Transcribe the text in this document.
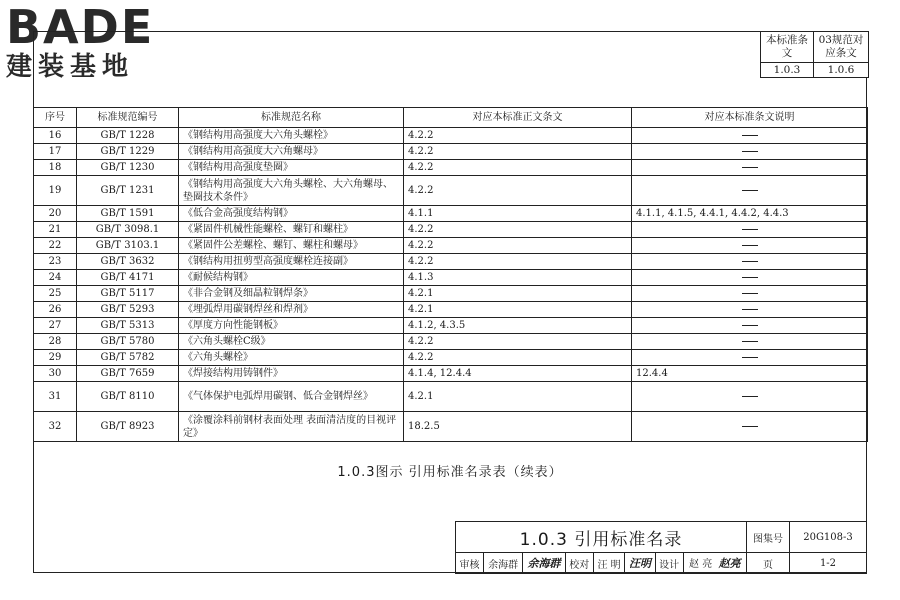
BADE
建装基地
本标准条文	03规范对应条文
1.0.3	1.0.6
序号	标准规范编号	标准规范名称	对应本标准正文条文	对应本标准条文说明
16	GB/T 1228	《钢结构用高强度大六角头螺栓》	4.2.2	
17	GB/T 1229	《钢结构用高强度大六角螺母》	4.2.2	
18	GB/T 1230	《钢结构用高强度垫圈》	4.2.2	
19	GB/T 1231	《钢结构用高强度大六角头螺栓、大六角螺母、垫圈技术条件》	4.2.2	
20	GB/T 1591	《低合金高强度结构钢》	4.1.1	4.1.1, 4.1.5, 4.4.1, 4.4.2, 4.4.3
21	GB/T 3098.1	《紧固件机械性能螺栓、螺钉和螺柱》	4.2.2	
22	GB/T 3103.1	《紧固件公差螺栓、螺钉、螺柱和螺母》	4.2.2	
23	GB/T 3632	《钢结构用扭剪型高强度螺栓连接副》	4.2.2	
24	GB/T 4171	《耐候结构钢》	4.1.3	
25	GB/T 5117	《非合金钢及细晶粒钢焊条》	4.2.1	
26	GB/T 5293	《埋弧焊用碳钢焊丝和焊剂》	4.2.1	
27	GB/T 5313	《厚度方向性能钢板》	4.1.2, 4.3.5	
28	GB/T 5780	《六角头螺栓C级》	4.2.2	
29	GB/T 5782	《六角头螺栓》	4.2.2	
30	GB/T 7659	《焊接结构用铸钢件》	4.1.4, 12.4.4	12.4.4
31	GB/T 8110	《气体保护电弧焊用碳钢、低合金钢焊丝》	4.2.1	
32	GB/T 8923	《涂覆涂料前钢材表面处理 表面清洁度的目视评定》	18.2.5	
1.0.3图示 引用标准名录表（续表）
1.0.3 引用标准名录								图集号	20G108-3
审核	余海群	余海群	校对	汪 明	汪明	设计	赵 亮 赵亮	页	1-2
